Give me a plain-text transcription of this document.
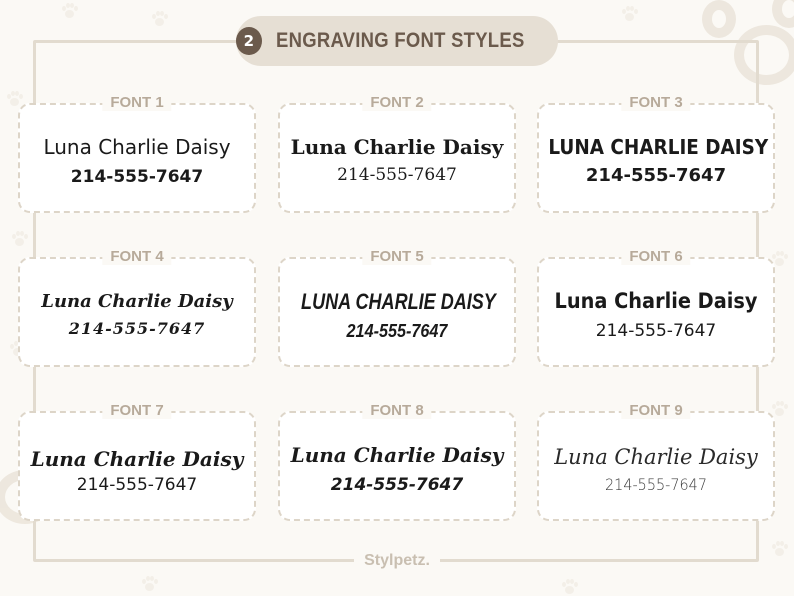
2	ENGRAVING FONT STYLES
FONT 1
Luna Charlie Daisy
214-555-7647
FONT 2
Luna Charlie Daisy
214-555-7647
FONT 3
LUNA CHARLIE DAISY
214-555-7647
FONT 4
Luna Charlie Daisy
214-555-7647
FONT 5
LUNA CHARLIE DAISY
214-555-7647
FONT 6
Luna Charlie Daisy
214-555-7647
FONT 7
Luna Charlie Daisy
214-555-7647
FONT 8
Luna Charlie Daisy
214-555-7647
FONT 9
Luna Charlie Daisy
214-555-7647
Stylpetz.
